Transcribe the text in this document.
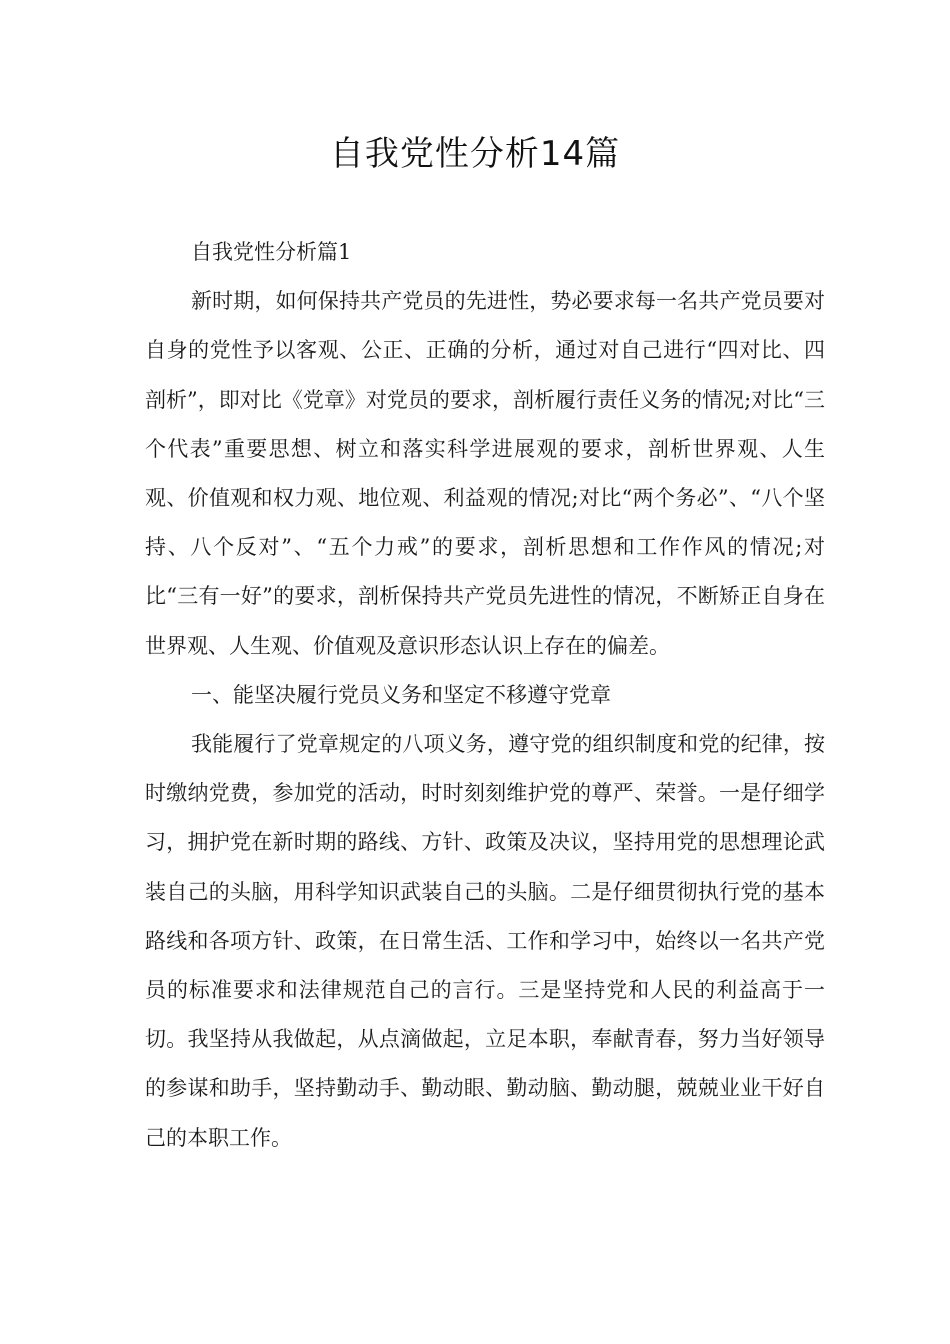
自我党性分析14篇

自我党性分析篇1

新时期，如何保持共产党员的先进性，势必要求每一名共产党员要对自身的党性予以客观、公正、正确的分析，通过对自己进行“四对比、四剖析”，即对比《党章》对党员的要求，剖析履行责任义务的情况;对比“三个代表”重要思想、树立和落实科学进展观的要求，剖析世界观、人生观、价值观和权力观、地位观、利益观的情况;对比“两个务必”、“八个坚持、八个反对”、“五个力戒”的要求，剖析思想和工作作风的情况;对比“三有一好”的要求，剖析保持共产党员先进性的情况，不断矫正自身在世界观、人生观、价值观及意识形态认识上存在的偏差。

一、能坚决履行党员义务和坚定不移遵守党章

我能履行了党章规定的八项义务，遵守党的组织制度和党的纪律，按时缴纳党费，参加党的活动，时时刻刻维护党的尊严、荣誉。一是仔细学习，拥护党在新时期的路线、方针、政策及决议，坚持用党的思想理论武装自己的头脑，用科学知识武装自己的头脑。二是仔细贯彻执行党的基本路线和各项方针、政策，在日常生活、工作和学习中，始终以一名共产党员的标准要求和法律规范自己的言行。三是坚持党和人民的利益高于一切。我坚持从我做起，从点滴做起，立足本职，奉献青春，努力当好领导的参谋和助手，坚持勤动手、勤动眼、勤动脑、勤动腿，兢兢业业干好自己的本职工作。
